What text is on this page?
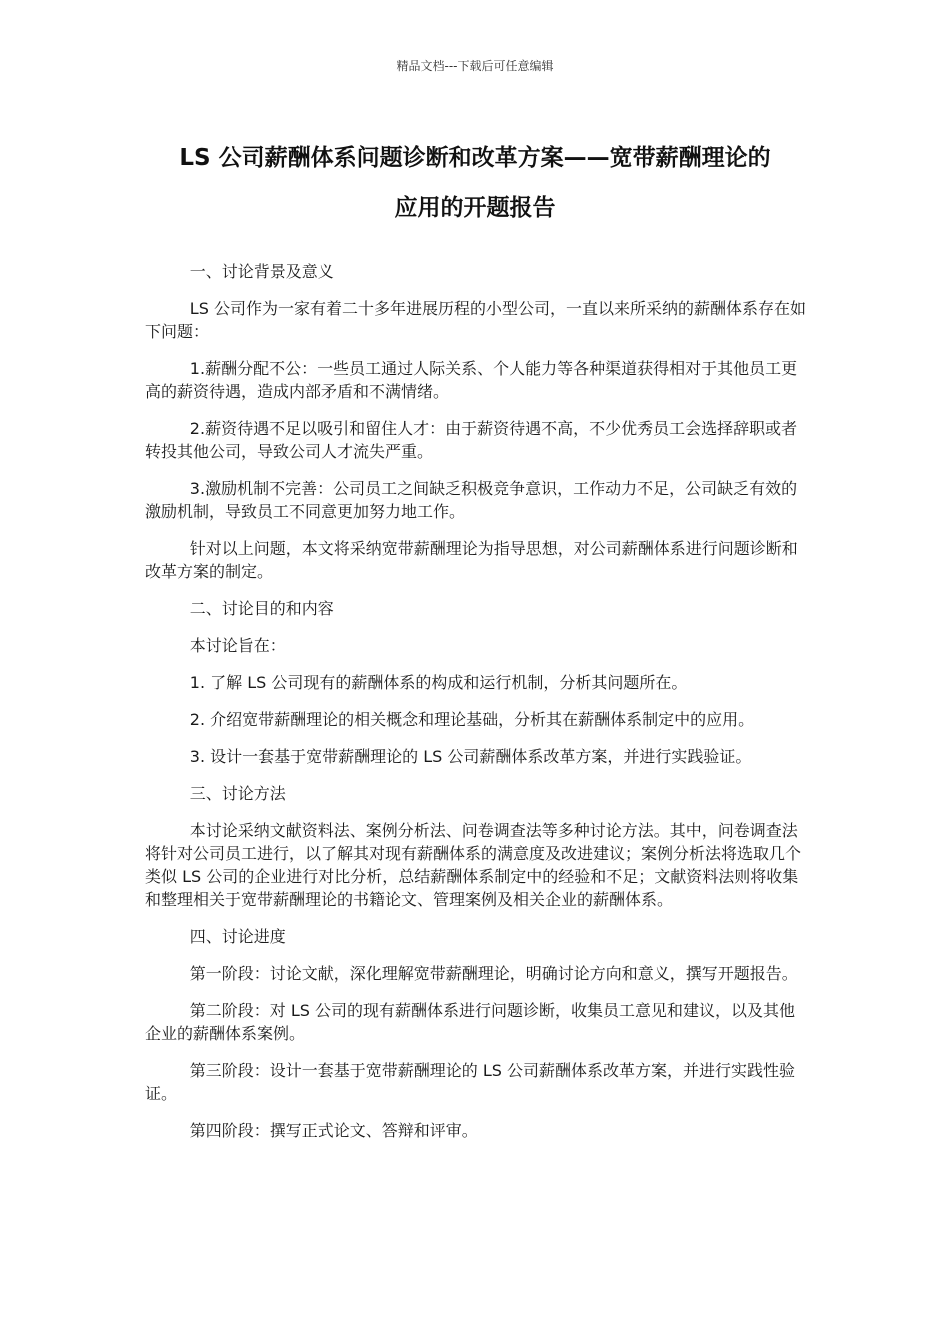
精品文档---下载后可任意编辑
LS 公司薪酬体系问题诊断和改革方案——宽带薪酬理论的
应用的开题报告

一、讨论背景及意义

LS 公司作为一家有着二十多年进展历程的小型公司，一直以来所采纳的薪酬体系存在如下问题：

1.薪酬分配不公：一些员工通过人际关系、个人能力等各种渠道获得相对于其他员工更高的薪资待遇，造成内部矛盾和不满情绪。

2.薪资待遇不足以吸引和留住人才：由于薪资待遇不高，不少优秀员工会选择辞职或者转投其他公司，导致公司人才流失严重。

3.激励机制不完善：公司员工之间缺乏积极竞争意识，工作动力不足，公司缺乏有效的激励机制，导致员工不同意更加努力地工作。

针对以上问题，本文将采纳宽带薪酬理论为指导思想，对公司薪酬体系进行问题诊断和改革方案的制定。

二、讨论目的和内容

本讨论旨在：

1. 了解 LS 公司现有的薪酬体系的构成和运行机制，分析其问题所在。

2. 介绍宽带薪酬理论的相关概念和理论基础，分析其在薪酬体系制定中的应用。

3. 设计一套基于宽带薪酬理论的 LS 公司薪酬体系改革方案，并进行实践验证。

三、讨论方法

本讨论采纳文献资料法、案例分析法、问卷调查法等多种讨论方法。其中，问卷调查法将针对公司员工进行，以了解其对现有薪酬体系的满意度及改进建议；案例分析法将选取几个类似 LS 公司的企业进行对比分析，总结薪酬体系制定中的经验和不足；文献资料法则将收集和整理相关于宽带薪酬理论的书籍论文、管理案例及相关企业的薪酬体系。

四、讨论进度

第一阶段：讨论文献，深化理解宽带薪酬理论，明确讨论方向和意义，撰写开题报告。

第二阶段：对 LS 公司的现有薪酬体系进行问题诊断，收集员工意见和建议，以及其他企业的薪酬体系案例。

第三阶段：设计一套基于宽带薪酬理论的 LS 公司薪酬体系改革方案，并进行实践性验证。

第四阶段：撰写正式论文、答辩和评审。
